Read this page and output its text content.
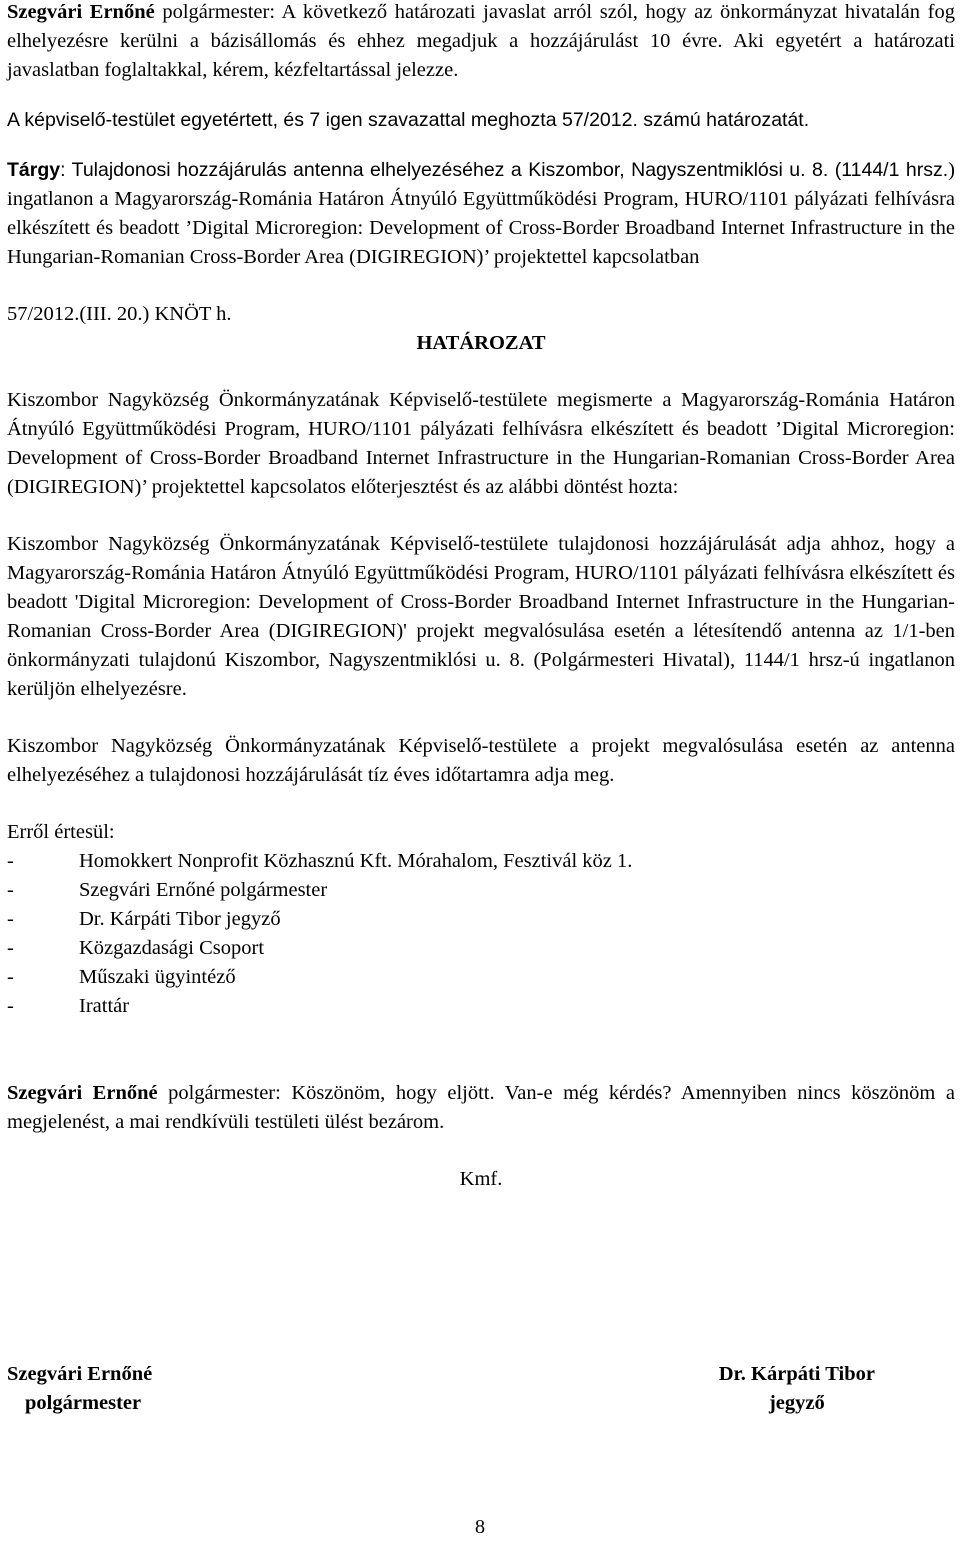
Szegvári Ernőné polgármester: A következő határozati javaslat arról szól, hogy az önkormányzat hivatalán fog elhelyezésre kerülni a bázisállomás és ehhez megadjuk a hozzájárulást 10 évre. Aki egyetért a határozati javaslatban foglaltakkal, kérem, kézfeltartással jelezze.

A képviselő-testület egyetértett, és 7 igen szavazattal meghozta 57/2012. számú határozatát.

Tárgy: Tulajdonosi hozzájárulás antenna elhelyezéséhez a Kiszombor, Nagyszentmiklósi u. 8. (1144/1 hrsz.) ingatlanon a Magyarország-Románia Határon Átnyúló Együttműködési Program, HURO/1101 pályázati felhívásra elkészített és beadott ’Digital Microregion: Development of Cross-Border Broadband Internet Infrastructure in the Hungarian-Romanian Cross-Border Area (DIGIREGION)’ projektettel kapcsolatban

57/2012.(III. 20.) KNÖT h.

HATÁROZAT

Kiszombor Nagyközség Önkormányzatának Képviselő-testülete megismerte a Magyarország-Románia Határon Átnyúló Együttműködési Program, HURO/1101 pályázati felhívásra elkészített és beadott ’Digital Microregion: Development of Cross-Border Broadband Internet Infrastructure in the Hungarian-Romanian Cross-Border Area (DIGIREGION)’ projektettel kapcsolatos előterjesztést és az alábbi döntést hozta:

Kiszombor Nagyközség Önkormányzatának Képviselő-testülete tulajdonosi hozzájárulását adja ahhoz, hogy a Magyarország-Románia Határon Átnyúló Együttműködési Program, HURO/1101 pályázati felhívásra elkészített és beadott 'Digital Microregion: Development of Cross-Border Broadband Internet Infrastructure in the Hungarian-Romanian Cross-Border Area (DIGIREGION)' projekt megvalósulása esetén a létesítendő antenna az 1/1-ben önkormányzati tulajdonú Kiszombor, Nagyszentmiklósi u. 8. (Polgármesteri Hivatal), 1144/1 hrsz-ú ingatlanon kerüljön elhelyezésre.

Kiszombor Nagyközség Önkormányzatának Képviselő-testülete a projekt megvalósulása esetén az antenna elhelyezéséhez a tulajdonosi hozzájárulását tíz éves időtartamra adja meg.

Erről értesül:

-	Homokkert Nonprofit Közhasznú Kft. Mórahalom, Fesztivál köz 1.
-	Szegvári Ernőné polgármester
-	Dr. Kárpáti Tibor jegyző
-	Közgazdasági Csoport
-	Műszaki ügyintéző
-	Irattár

Szegvári Ernőné polgármester: Köszönöm, hogy eljött. Van-e még kérdés? Amennyiben nincs köszönöm a megjelenést, a mai rendkívüli testületi ülést bezárom.

Kmf.

Szegvári Ernőné
polgármester
Dr. Kárpáti Tibor
jegyző
8
